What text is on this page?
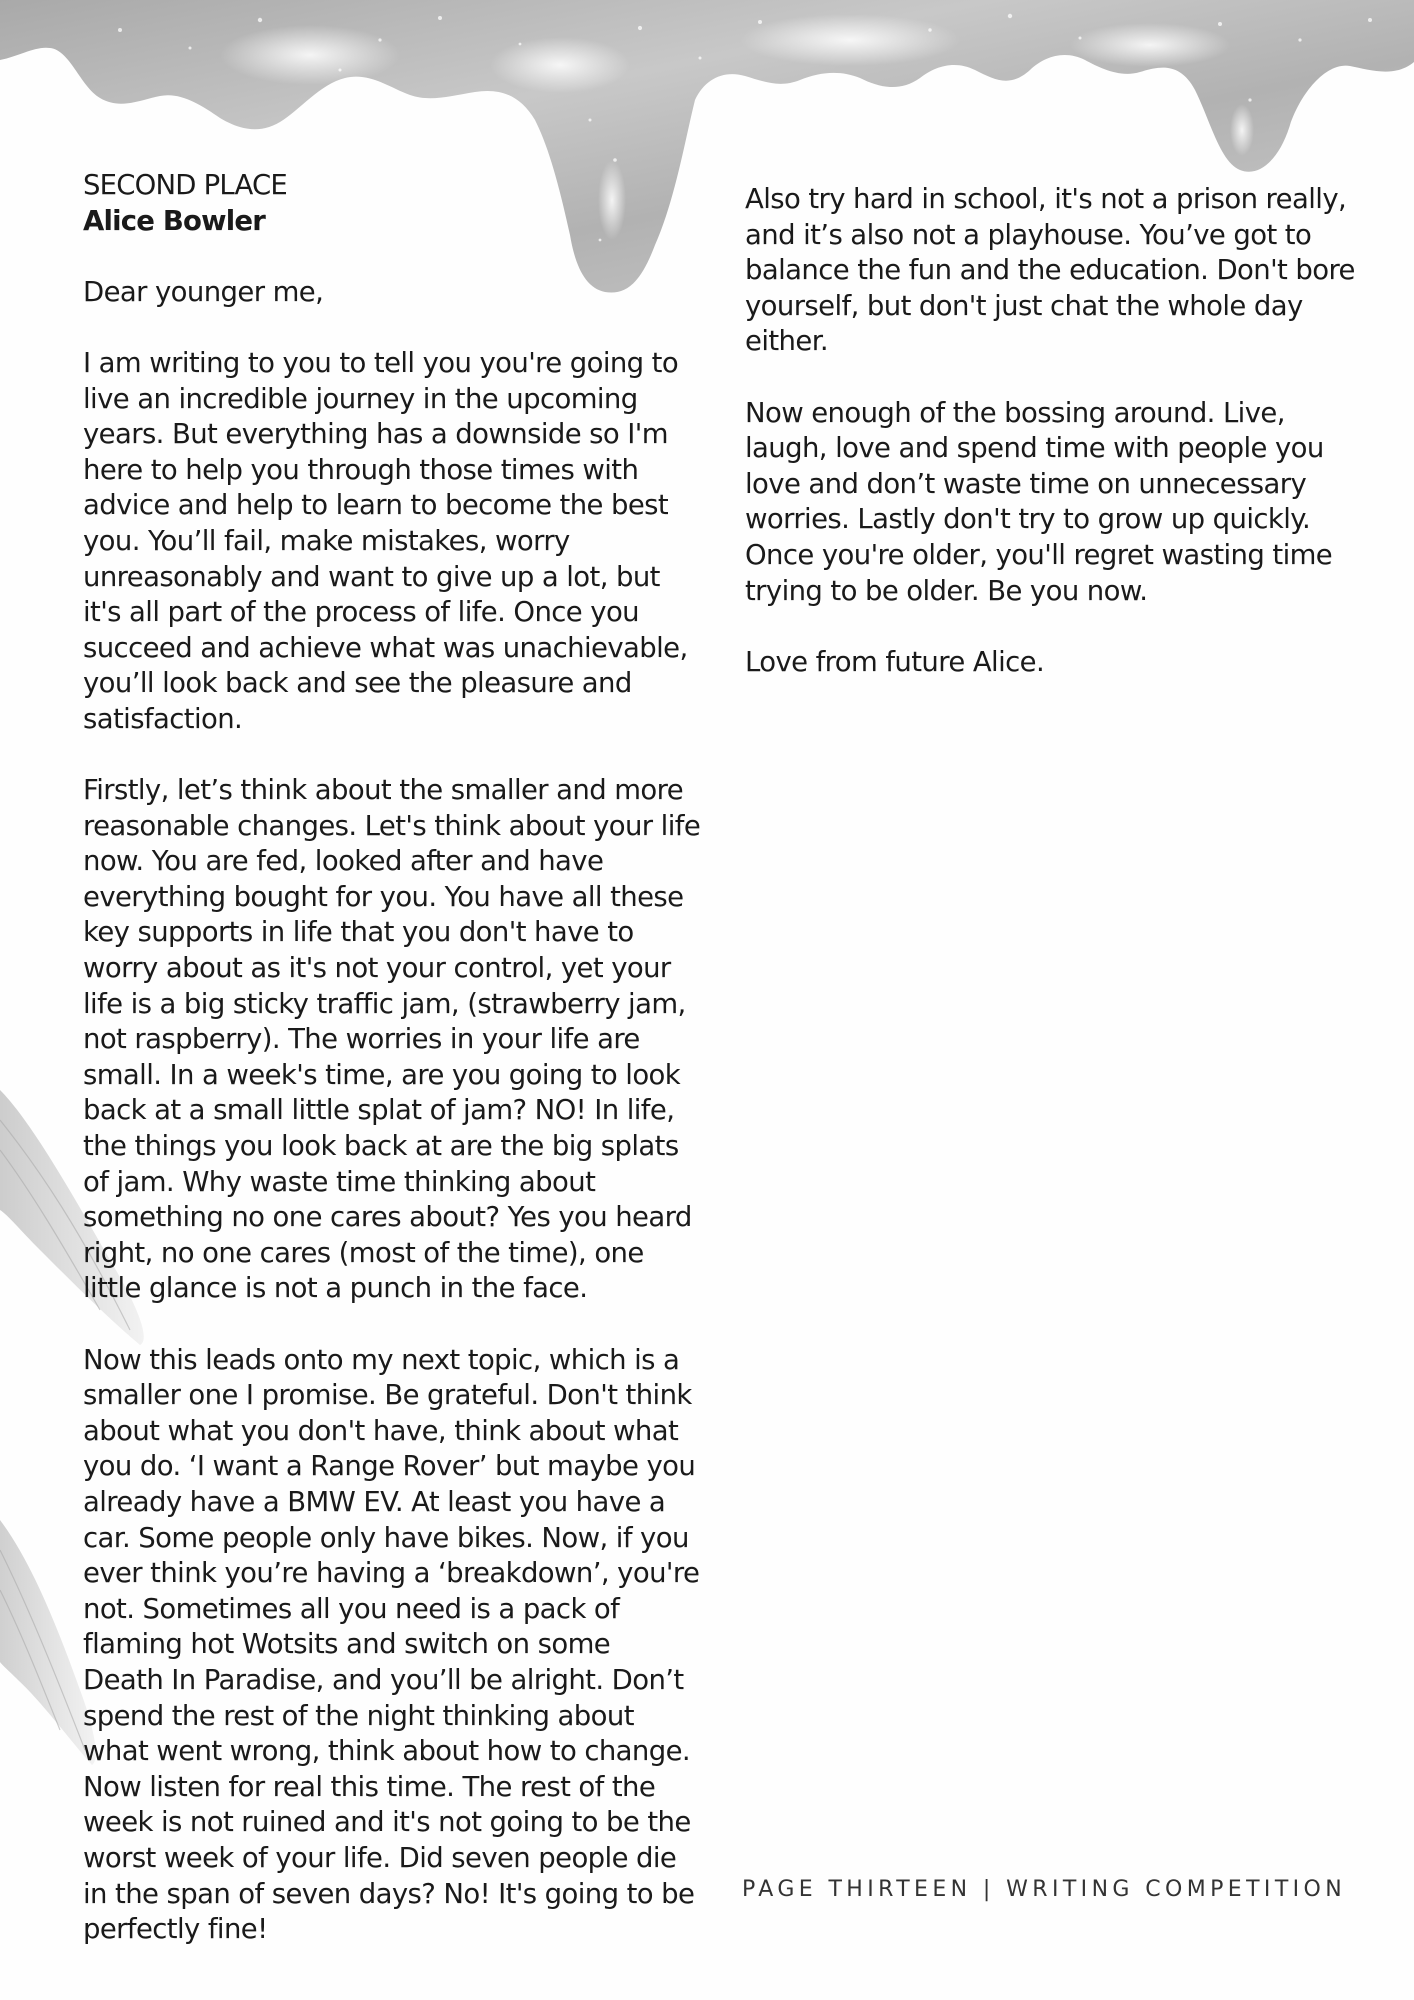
SECOND PLACE
Alice Bowler
Dear younger me,
I am writing to you to tell you you're going to
live an incredible journey in the upcoming
years. But everything has a downside so I'm
here to help you through those times with
advice and help to learn to become the best
you. You’ll fail, make mistakes, worry
unreasonably and want to give up a lot, but
it's all part of the process of life. Once you
succeed and achieve what was unachievable,
you’ll look back and see the pleasure and
satisfaction.
Firstly, let’s think about the smaller and more
reasonable changes. Let's think about your life
now. You are fed, looked after and have
everything bought for you. You have all these
key supports in life that you don't have to
worry about as it's not your control, yet your
life is a big sticky traffic jam, (strawberry jam,
not raspberry). The worries in your life are
small. In a week's time, are you going to look
back at a small little splat of jam? NO! In life,
the things you look back at are the big splats
of jam. Why waste time thinking about
something no one cares about? Yes you heard
right, no one cares (most of the time), one
little glance is not a punch in the face.
Now this leads onto my next topic, which is a
smaller one I promise. Be grateful. Don't think
about what you don't have, think about what
you do. ‘I want a Range Rover’ but maybe you
already have a BMW EV. At least you have a
car. Some people only have bikes. Now, if you
ever think you’re having a ‘breakdown’, you're
not. Sometimes all you need is a pack of
flaming hot Wotsits and switch on some
Death In Paradise, and you’ll be alright. Don’t
spend the rest of the night thinking about
what went wrong, think about how to change.
Now listen for real this time. The rest of the
week is not ruined and it's not going to be the
worst week of your life. Did seven people die
in the span of seven days? No! It's going to be
perfectly fine!
Also try hard in school, it's not a prison really,
and it’s also not a playhouse. You’ve got to
balance the fun and the education. Don't bore
yourself, but don't just chat the whole day
either.
Now enough of the bossing around. Live,
laugh, love and spend time with people you
love and don’t waste time on unnecessary
worries. Lastly don't try to grow up quickly.
Once you're older, you'll regret wasting time
trying to be older. Be you now.
Love from future Alice.
PAGE THIRTEEN | WRITING COMPETITION
